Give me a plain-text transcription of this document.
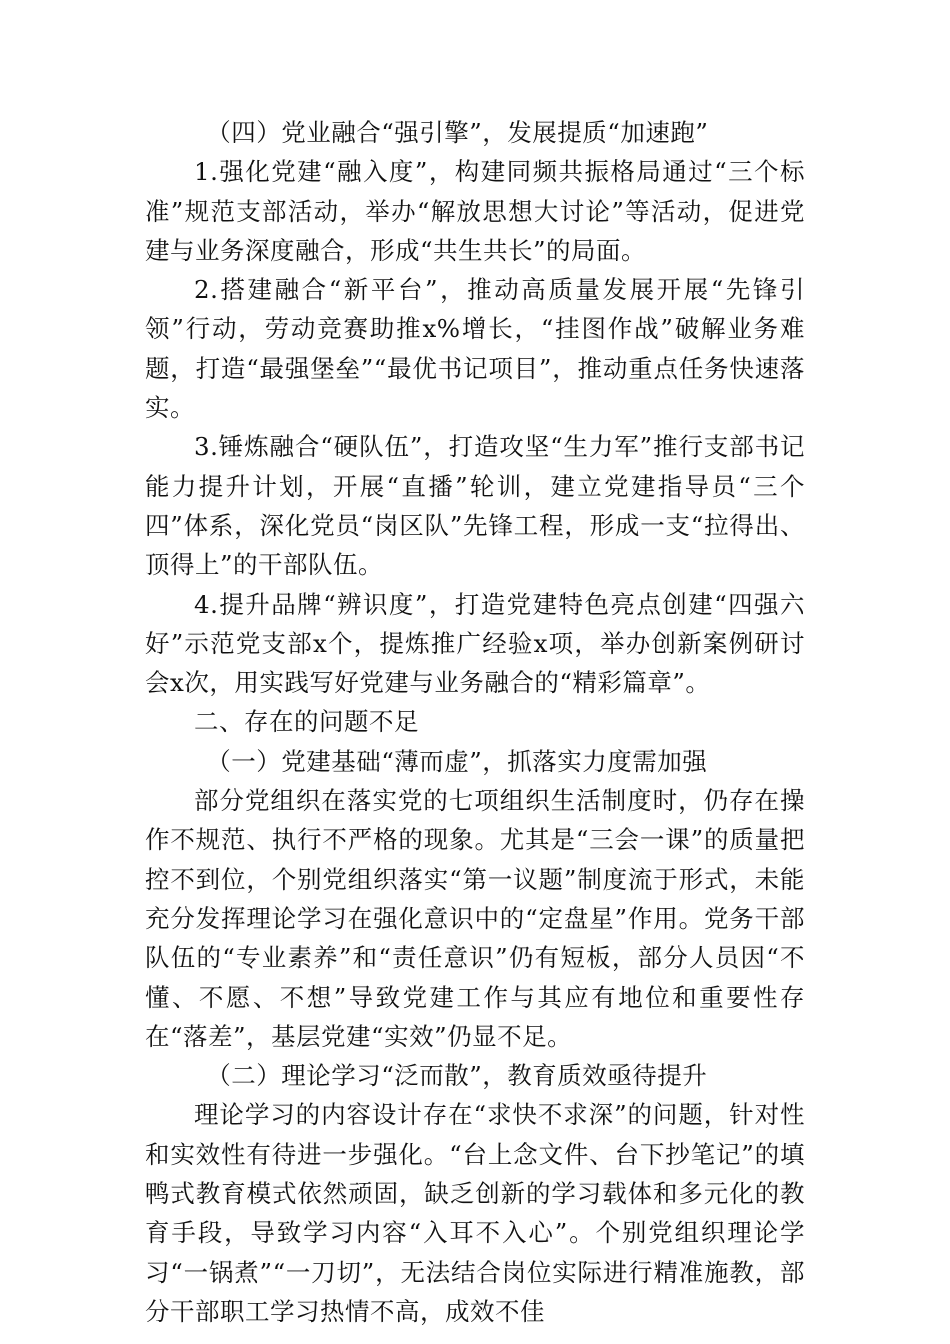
（四）党业融合“强引擎”，发展提质“加速跑”

1.强化党建“融入度”，构建同频共振格局通过“三个标准”规范支部活动，举办“解放思想大讨论”等活动，促进党建与业务深度融合，形成“共生共长”的局面。

2.搭建融合“新平台”，推动高质量发展开展“先锋引领”行动，劳动竞赛助推x%增长，“挂图作战”破解业务难题，打造“最强堡垒”“最优书记项目”，推动重点任务快速落实。

3.锤炼融合“硬队伍”，打造攻坚“生力军”推行支部书记能力提升计划，开展“直播”轮训，建立党建指导员“三个四”体系，深化党员“岗区队”先锋工程，形成一支“拉得出、顶得上”的干部队伍。

4.提升品牌“辨识度”，打造党建特色亮点创建“四强六好”示范党支部x个，提炼推广经验x项，举办创新案例研讨会x次，用实践写好党建与业务融合的“精彩篇章”。

二、存在的问题不足

（一）党建基础“薄而虚”，抓落实力度需加强

部分党组织在落实党的七项组织生活制度时，仍存在操作不规范、执行不严格的现象。尤其是“三会一课”的质量把控不到位，个别党组织落实“第一议题”制度流于形式，未能充分发挥理论学习在强化意识中的“定盘星”作用。党务干部队伍的“专业素养”和“责任意识”仍有短板，部分人员因“不懂、不愿、不想”导致党建工作与其应有地位和重要性存在“落差”，基层党建“实效”仍显不足。

（二）理论学习“泛而散”，教育质效亟待提升

理论学习的内容设计存在“求快不求深”的问题，针对性和实效性有待进一步强化。“台上念文件、台下抄笔记”的填鸭式教育模式依然顽固，缺乏创新的学习载体和多元化的教育手段，导致学习内容“入耳不入心”。个别党组织理论学习“一锅煮”“一刀切”，无法结合岗位实际进行精准施教，部分干部职工学习热情不高，成效不佳
